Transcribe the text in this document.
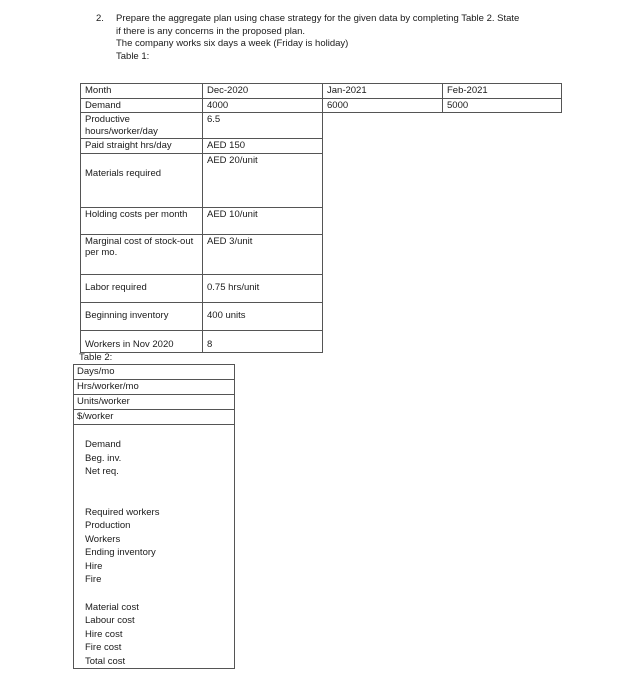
2. Prepare the aggregate plan using chase strategy for the given data by completing Table 2. State
if there is any concerns in the proposed plan.
The company works six days a week (Friday is holiday)
Table 1:
Month	Dec-2020	Jan-2021	Feb-2021
Demand	4000	6000	5000
Productive hours/worker/day	6.5		
Paid straight hrs/day	AED 150		

Materials required	AED 20/unit		
Holding costs per month	AED 10/unit		
Marginal cost of stock-out per mo.	AED 3/unit		
Labor required	0.75 hrs/unit		
Beginning inventory	400 units		
Workers in Nov 2020	8		
Table 2:
Days/mo
Hrs/worker/mo
Units/worker
$/worker
Demand
Beg. inv.
Net req.
Required workers
Production
Workers
Ending inventory
Hire
Fire
Material cost
Labour cost
Hire cost
Fire cost
Total cost
